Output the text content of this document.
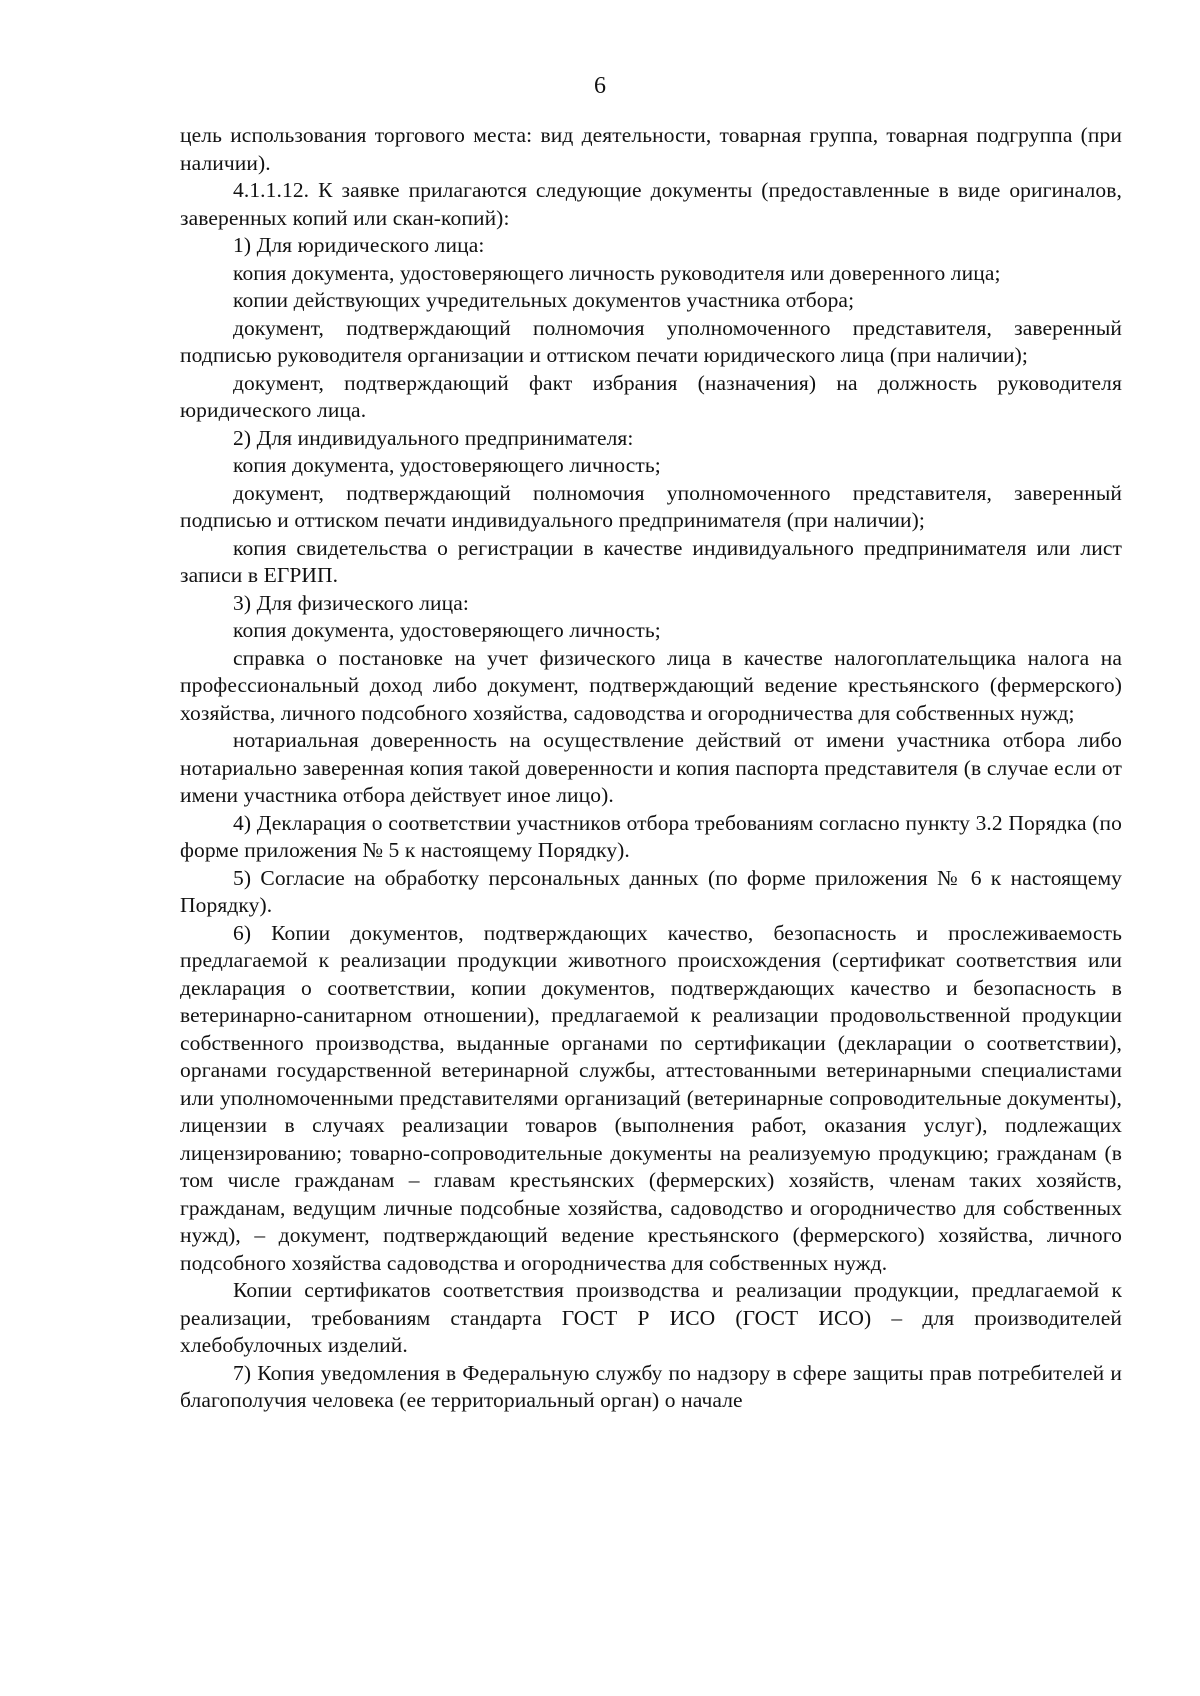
6

цель использования торгового места: вид деятельности, товарная группа, товарная подгруппа (при наличии).

4.1.1.12. К заявке прилагаются следующие документы (предоставленные в виде оригиналов, заверенных копий или скан-копий):

1) Для юридического лица:

копия документа, удостоверяющего личность руководителя или доверенного лица;

копии действующих учредительных документов участника отбора;

документ, подтверждающий полномочия уполномоченного представителя, заверенный подписью руководителя организации и оттиском печати юридического лица (при наличии);

документ, подтверждающий факт избрания (назначения) на должность руководителя юридического лица.

2) Для индивидуального предпринимателя:

копия документа, удостоверяющего личность;

документ, подтверждающий полномочия уполномоченного представителя, заверенный подписью и оттиском печати индивидуального предпринимателя (при наличии);

копия свидетельства о регистрации в качестве индивидуального предпринимателя или лист записи в ЕГРИП.

3) Для физического лица:

копия документа, удостоверяющего личность;

справка о постановке на учет физического лица в качестве налогоплательщика налога на профессиональный доход либо документ, подтверждающий ведение крестьянского (фермерского) хозяйства, личного подсобного хозяйства, садоводства и огородничества для собственных нужд;

нотариальная доверенность на осуществление действий от имени участника отбора либо нотариально заверенная копия такой доверенности и копия паспорта представителя (в случае если от имени участника отбора действует иное лицо).

4) Декларация о соответствии участников отбора требованиям согласно пункту 3.2 Порядка (по форме приложения № 5 к настоящему Порядку).

5) Согласие на обработку персональных данных (по форме приложения № 6 к настоящему Порядку).

6) Копии документов, подтверждающих качество, безопасность и прослеживаемость предлагаемой к реализации продукции животного происхождения (сертификат соответствия или декларация о соответствии, копии документов, подтверждающих качество и безопасность в ветеринарно-санитарном отношении), предлагаемой к реализации продовольственной продукции собственного производства, выданные органами по сертификации (декларации о соответствии), органами государственной ветеринарной службы, аттестованными ветеринарными специалистами или уполномоченными представителями организаций (ветеринарные сопроводительные документы), лицензии в случаях реализации товаров (выполнения работ, оказания услуг), подлежащих лицензированию; товарно-сопроводительные документы на реализуемую продукцию; гражданам (в том числе гражданам – главам крестьянских (фермерских) хозяйств, членам таких хозяйств, гражданам, ведущим личные подсобные хозяйства, садоводство и огородничество для собственных нужд), – документ, подтверждающий ведение крестьянского (фермерского) хозяйства, личного подсобного хозяйства садоводства и огородничества для собственных нужд.

Копии сертификатов соответствия производства и реализации продукции, предлагаемой к реализации, требованиям стандарта ГОСТ Р ИСО (ГОСТ ИСО) – для производителей хлебобулочных изделий.

7) Копия уведомления в Федеральную службу по надзору в сфере защиты прав потребителей и благополучия человека (ее территориальный орган) о начале
